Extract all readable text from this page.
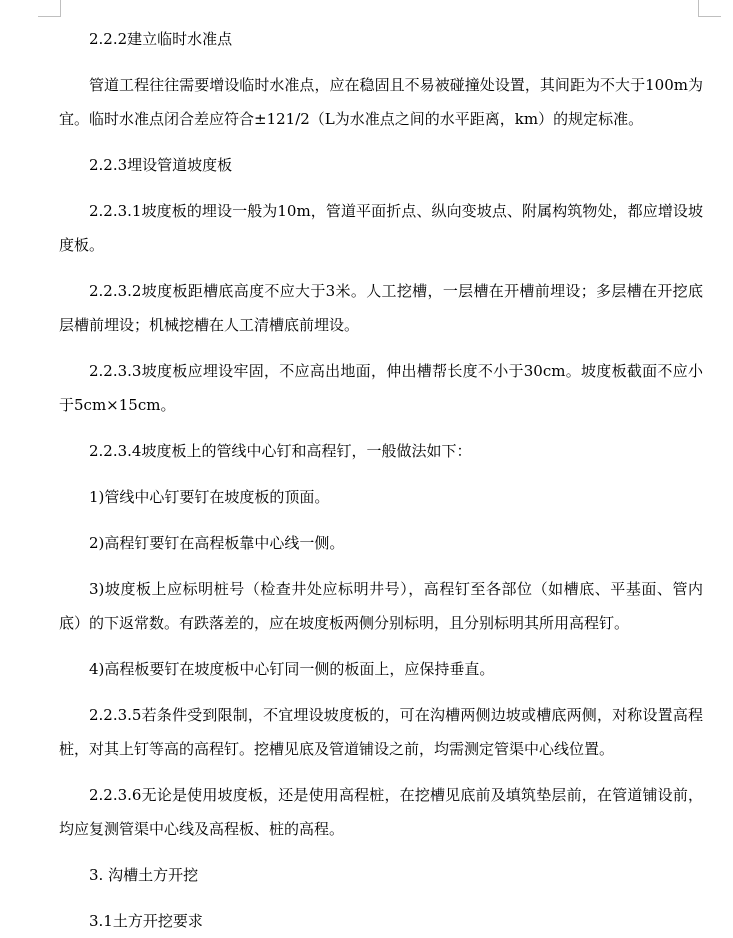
2.2.2建立临时水准点

管道工程往往需要增设临时水准点，应在稳固且不易被碰撞处设置，其间距为不大于100m为宜。临时水准点闭合差应符合±121/2（L为水准点之间的水平距离，km）的规定标准。

2.2.3埋设管道坡度板

2.2.3.1坡度板的埋设一般为10m，管道平面折点、纵向变坡点、附属构筑物处，都应增设坡度板。

2.2.3.2坡度板距槽底高度不应大于3米。人工挖槽，一层槽在开槽前埋设；多层槽在开挖底层槽前埋设；机械挖槽在人工清槽底前埋设。

2.2.3.3坡度板应埋设牢固，不应高出地面，伸出槽帮长度不小于30cm。坡度板截面不应小于5cm×15cm。

2.2.3.4坡度板上的管线中心钉和高程钉，一般做法如下：

1)管线中心钉要钉在坡度板的顶面。

2)高程钉要钉在高程板靠中心线一侧。

3)坡度板上应标明桩号（检查井处应标明井号），高程钉至各部位（如槽底、平基面、管内底）的下返常数。有跌落差的，应在坡度板两侧分别标明，且分别标明其所用高程钉。

4)高程板要钉在坡度板中心钉同一侧的板面上，应保持垂直。

2.2.3.5若条件受到限制，不宜埋设坡度板的，可在沟槽两侧边坡或槽底两侧，对称设置高程桩，对其上钉等高的高程钉。挖槽见底及管道铺设之前，均需测定管渠中心线位置。

2.2.3.6无论是使用坡度板，还是使用高程桩，在挖槽见底前及填筑垫层前，在管道铺设前，均应复测管渠中心线及高程板、桩的高程。

3. 沟槽土方开挖

3.1土方开挖要求
